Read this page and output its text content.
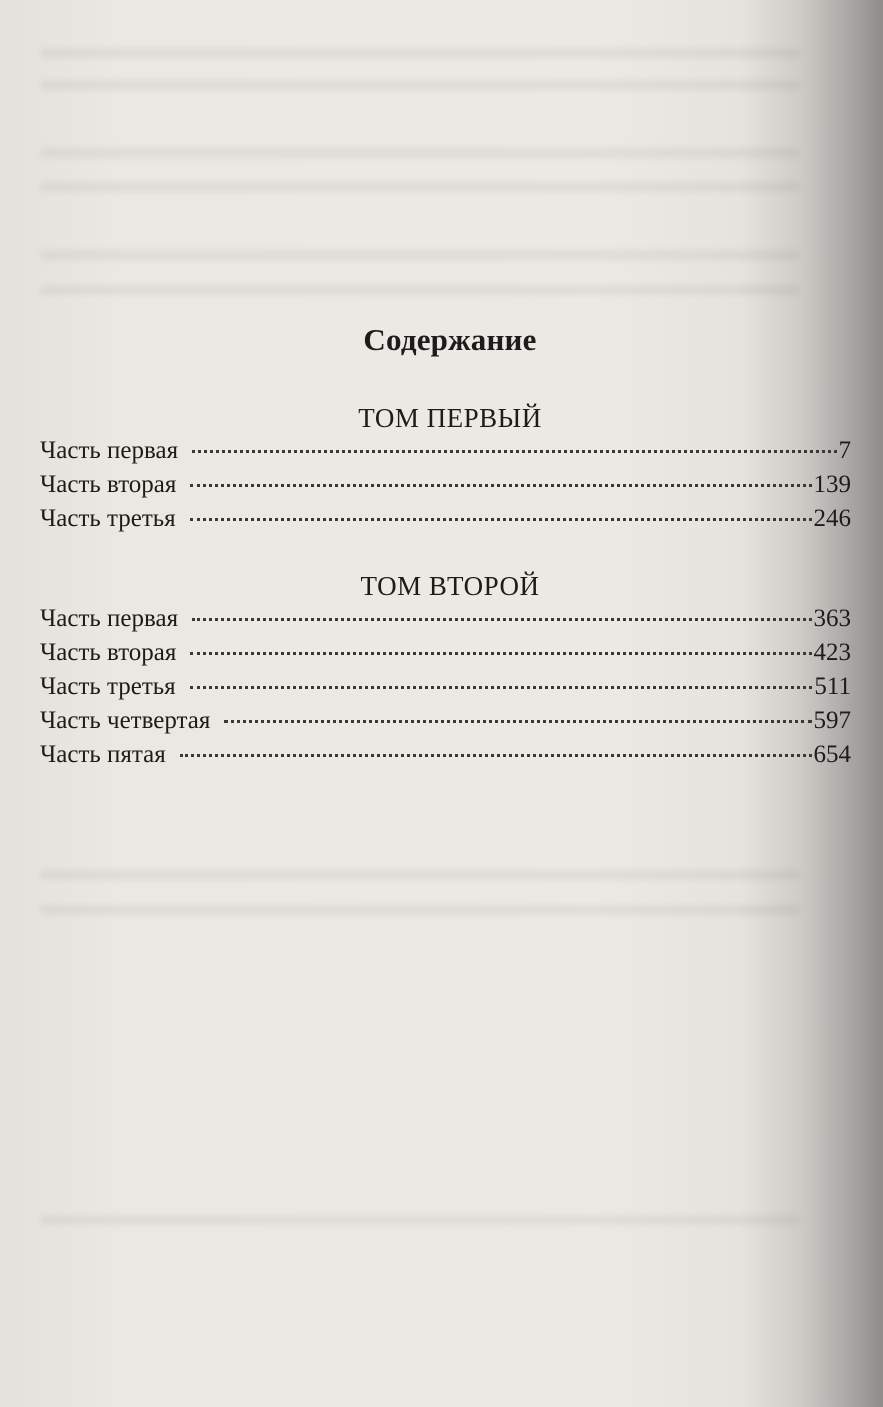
Содержание
ТОМ ПЕРВЫЙ
Часть первая	7
Часть вторая	139
Часть третья	246
ТОМ ВТОРОЙ
Часть первая	363
Часть вторая	423
Часть третья	511
Часть четвертая	597
Часть пятая	654
